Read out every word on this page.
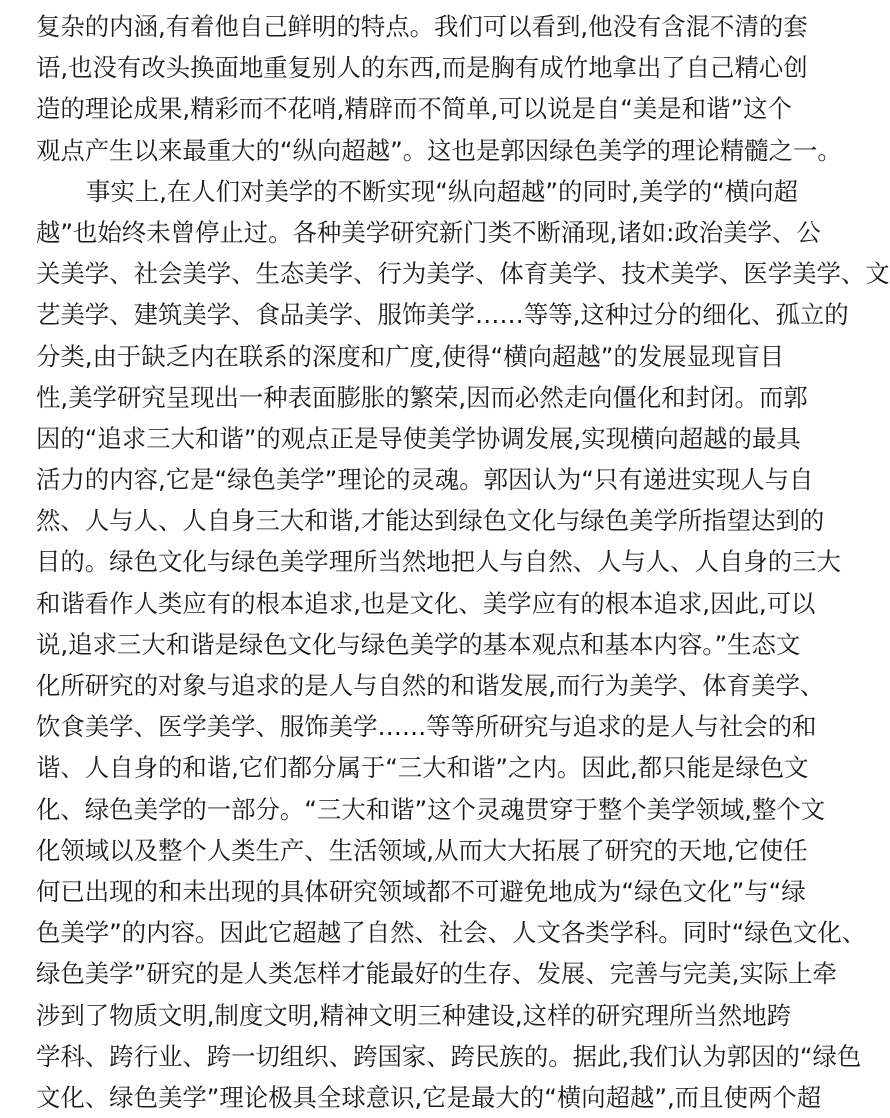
复杂的内涵,有着他自己鲜明的特点。我们可以看到,他没有含混不清的套
语,也没有改头换面地重复别人的东西,而是胸有成竹地拿出了自己精心创
造的理论成果,精彩而不花哨,精辟而不简单,可以说是自“美是和谐”这个
观点产生以来最重大的“纵向超越”。这也是郭因绿色美学的理论精髓之一。
事实上,在人们对美学的不断实现“纵向超越”的同时,美学的“横向超
越”也始终未曾停止过。各种美学研究新门类不断涌现,诸如:政治美学、公
关美学、社会美学、生态美学、行为美学、体育美学、技术美学、医学美学、文
艺美学、建筑美学、食品美学、服饰美学……等等,这种过分的细化、孤立的
分类,由于缺乏内在联系的深度和广度,使得“横向超越”的发展显现盲目
性,美学研究呈现出一种表面膨胀的繁荣,因而必然走向僵化和封闭。而郭
因的“追求三大和谐”的观点正是导使美学协调发展,实现横向超越的最具
活力的内容,它是“绿色美学”理论的灵魂。郭因认为“只有递进实现人与自
然、人与人、人自身三大和谐,才能达到绿色文化与绿色美学所指望达到的
目的。绿色文化与绿色美学理所当然地把人与自然、人与人、人自身的三大
和谐看作人类应有的根本追求,也是文化、美学应有的根本追求,因此,可以
说,追求三大和谐是绿色文化与绿色美学的基本观点和基本内容。”生态文
化所研究的对象与追求的是人与自然的和谐发展,而行为美学、体育美学、
饮食美学、医学美学、服饰美学……等等所研究与追求的是人与社会的和
谐、人自身的和谐,它们都分属于“三大和谐”之内。因此,都只能是绿色文
化、绿色美学的一部分。“三大和谐”这个灵魂贯穿于整个美学领域,整个文
化领域以及整个人类生产、生活领域,从而大大拓展了研究的天地,它使任
何已出现的和未出现的具体研究领域都不可避免地成为“绿色文化”与“绿
色美学”的内容。因此它超越了自然、社会、人文各类学科。同时“绿色文化、
绿色美学”研究的是人类怎样才能最好的生存、发展、完善与完美,实际上牵
涉到了物质文明,制度文明,精神文明三种建设,这样的研究理所当然地跨
学科、跨行业、跨一切组织、跨国家、跨民族的。据此,我们认为郭因的“绿色
文化、绿色美学”理论极具全球意识,它是最大的“横向超越”,而且使两个超
